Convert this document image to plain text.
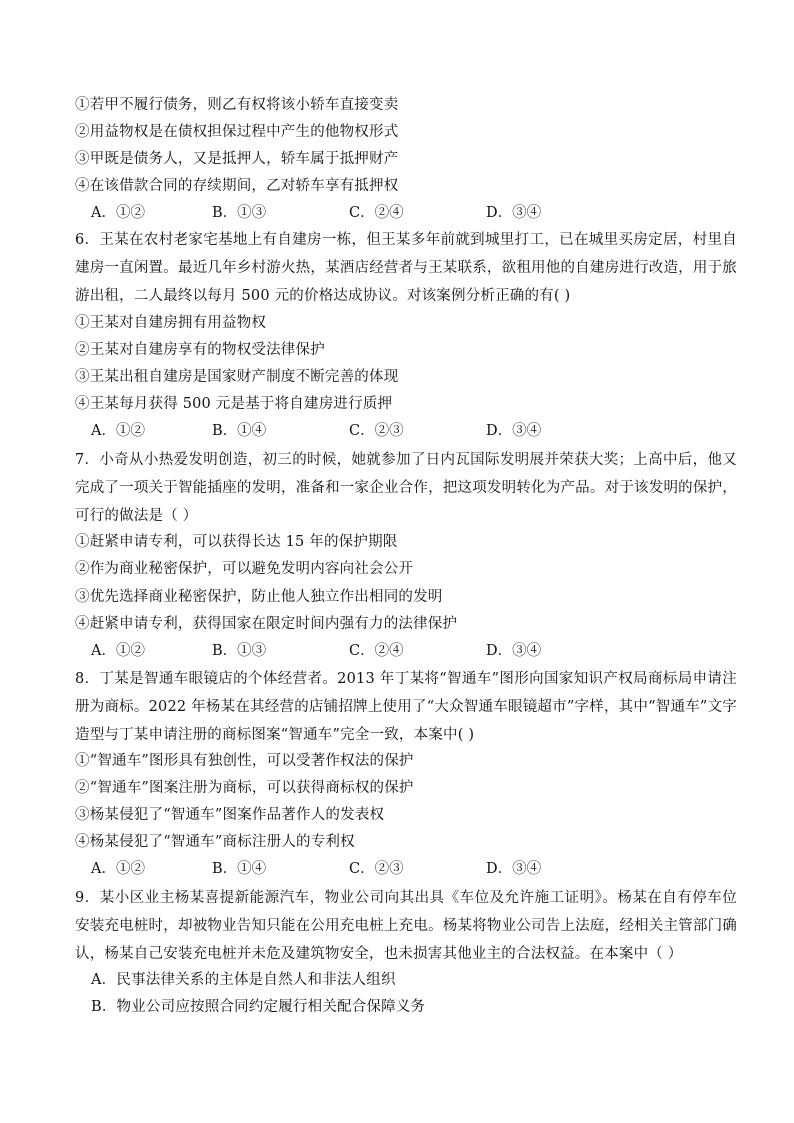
①若甲不履行债务，则乙有权将该小轿车直接变卖
②用益物权是在债权担保过程中产生的他物权形式
③甲既是债务人，又是抵押人，轿车属于抵押财产
④在该借款合同的存续期间，乙对轿车享有抵押权
A．①②	B．①③	C．②④	D．③④
6．王某在农村老家宅基地上有自建房一栋，但王某多年前就到城里打工，已在城里买房定居，村里自建房一直闲置。最近几年乡村游火热，某酒店经营者与王某联系，欲租用他的自建房进行改造，用于旅游出租，二人最终以每月 500 元的价格达成协议。对该案例分析正确的有( )
①王某对自建房拥有用益物权
②王某对自建房享有的物权受法律保护
③王某出租自建房是国家财产制度不断完善的体现
④王某每月获得 500 元是基于将自建房进行质押
A．①②	B．①④	C．②③	D．③④
7．小奇从小热爱发明创造，初三的时候，她就参加了日内瓦国际发明展并荣获大奖；上高中后，他又完成了一项关于智能插座的发明，准备和一家企业合作，把这项发明转化为产品。对于该发明的保护，可行的做法是（ ）
①赶紧申请专利，可以获得长达 15 年的保护期限
②作为商业秘密保护，可以避免发明内容向社会公开
③优先选择商业秘密保护，防止他人独立作出相同的发明
④赶紧申请专利，获得国家在限定时间内强有力的法律保护
A．①②	B．①③	C．②④	D．③④
8．丁某是智通车眼镜店的个体经营者。2013 年丁某将“智通车”图形向国家知识产权局商标局申请注册为商标。2022 年杨某在其经营的店铺招牌上使用了“大众智通车眼镜超市”字样，其中“智通车”文字造型与丁某申请注册的商标图案“智通车”完全一致，本案中( )
①“智通车”图形具有独创性，可以受著作权法的保护
②“智通车”图案注册为商标，可以获得商标权的保护
③杨某侵犯了“智通车”图案作品著作人的发表权
④杨某侵犯了“智通车”商标注册人的专利权
A．①②	B．①④	C．②③	D．③④
9．某小区业主杨某喜提新能源汽车，物业公司向其出具《车位及允许施工证明》。杨某在自有停车位安装充电桩时，却被物业告知只能在公用充电桩上充电。杨某将物业公司告上法庭，经相关主管部门确认，杨某自己安装充电桩并未危及建筑物安全，也未损害其他业主的合法权益。在本案中（ ）
A．民事法律关系的主体是自然人和非法人组织
B．物业公司应按照合同约定履行相关配合保障义务
